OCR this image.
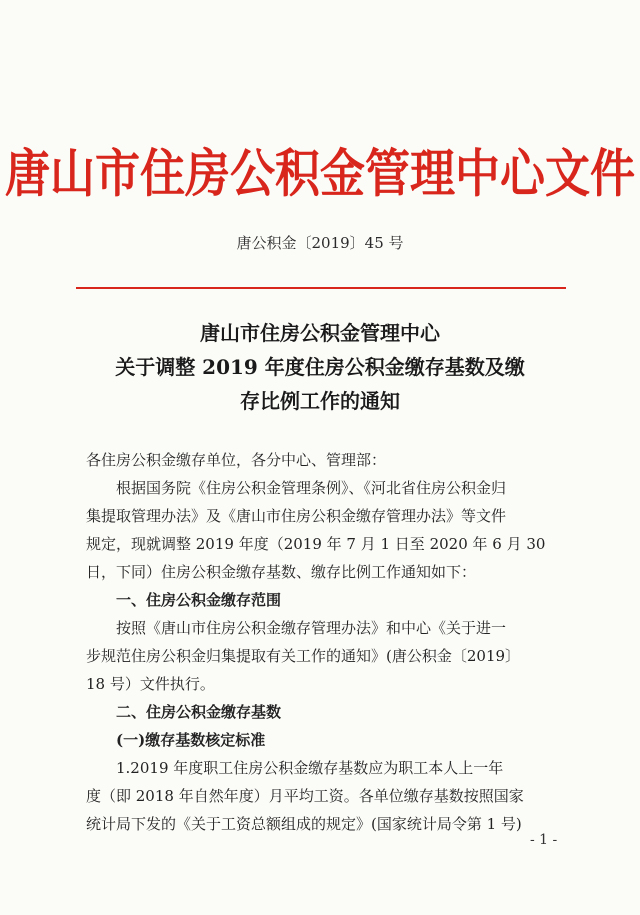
唐山市住房公积金管理中心文件
唐公积金〔2019〕45 号
唐山市住房公积金管理中心
关于调整 2019 年度住房公积金缴存基数及缴
存比例工作的通知

各住房公积金缴存单位，各分中心、管理部：

根据国务院《住房公积金管理条例》、《河北省住房公积金归

集提取管理办法》及《唐山市住房公积金缴存管理办法》等文件

规定，现就调整 2019 年度（2019 年 7 月 1 日至 2020 年 6 月 30

日，下同）住房公积金缴存基数、缴存比例工作通知如下：

一、住房公积金缴存范围

按照《唐山市住房公积金缴存管理办法》和中心《关于进一

步规范住房公积金归集提取有关工作的通知》(唐公积金〔2019〕

18 号）文件执行。

二、住房公积金缴存基数

(一)缴存基数核定标准

1.2019 年度职工住房公积金缴存基数应为职工本人上一年

度（即 2018 年自然年度）月平均工资。各单位缴存基数按照国家

统计局下发的《关于工资总额组成的规定》(国家统计局令第 1 号)

- 1 -
